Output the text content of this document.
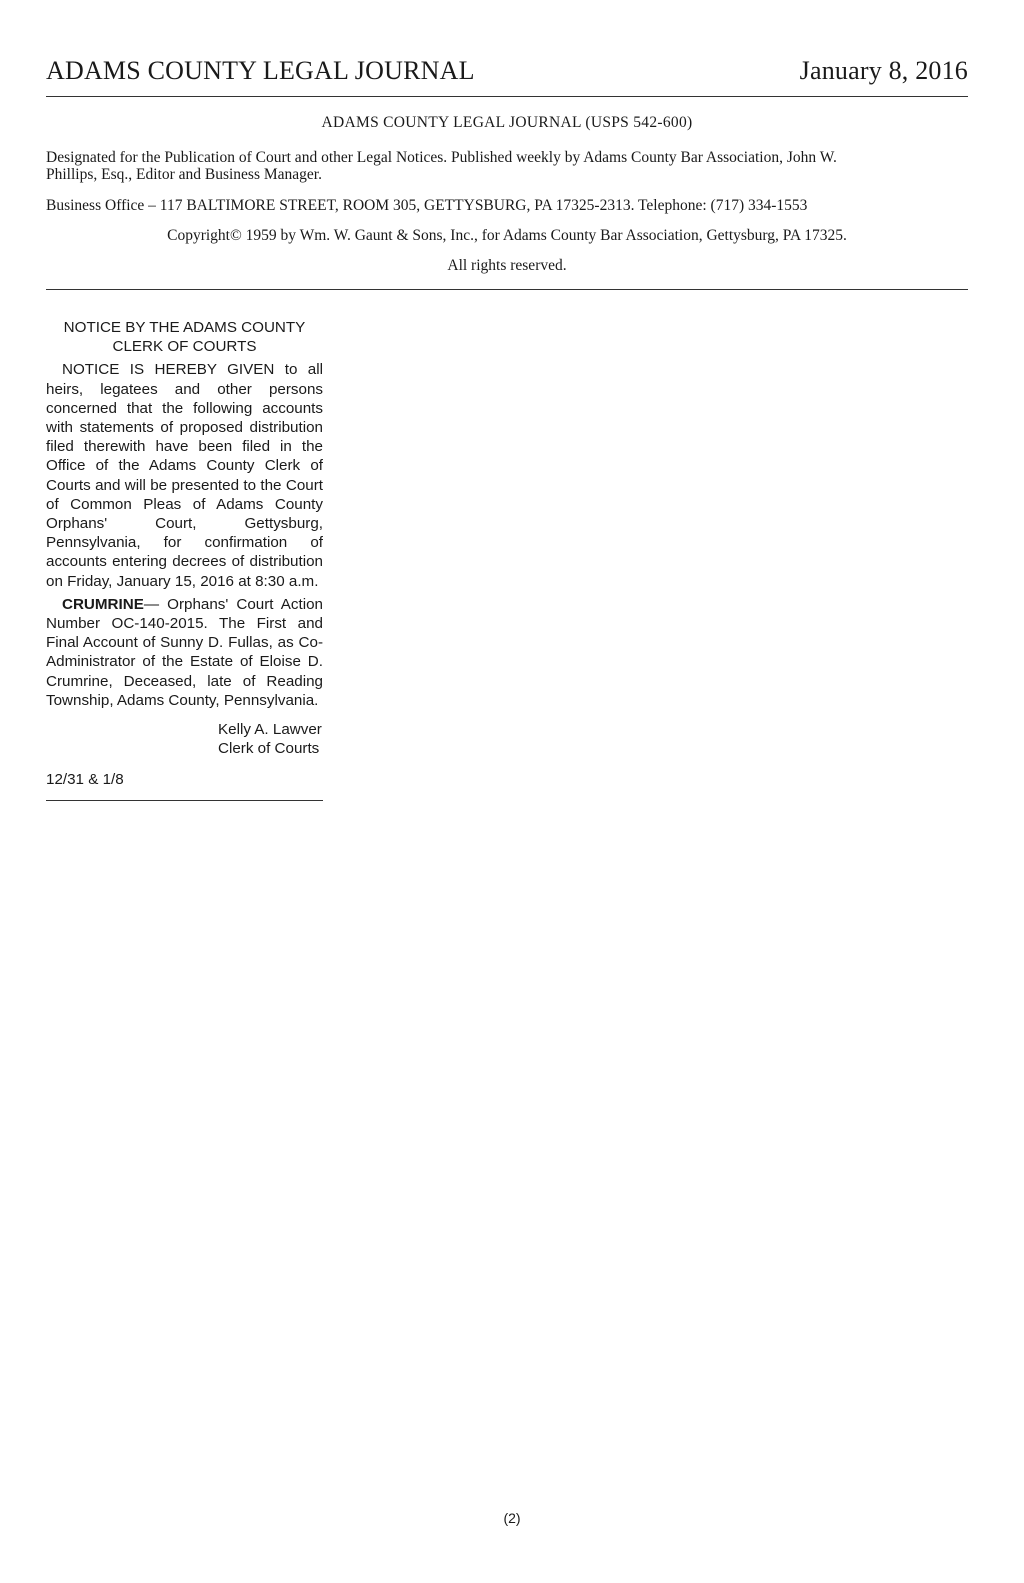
ADAMS COUNTY LEGAL JOURNAL	January 8, 2016

ADAMS COUNTY LEGAL JOURNAL (USPS 542-600)

Designated for the Publication of Court and other Legal Notices. Published weekly by Adams County Bar Association, John W. Phillips, Esq., Editor and Business Manager.

Business Office – 117 BALTIMORE STREET, ROOM 305, GETTYSBURG, PA 17325-2313. Telephone: (717) 334-1553

Copyright© 1959 by Wm. W. Gaunt & Sons, Inc., for Adams County Bar Association, Gettysburg, PA 17325.

All rights reserved.

NOTICE BY THE ADAMS COUNTY
CLERK OF COURTS

NOTICE IS HEREBY GIVEN to all heirs, legatees and other persons concerned that the following accounts with statements of proposed distribution filed therewith have been filed in the Office of the Adams County Clerk of Courts and will be presented to the Court of Common Pleas of Adams County Orphans' Court, Gettysburg, Pennsylvania, for confirmation of accounts entering decrees of distribution on Friday, January 15, 2016 at 8:30 a.m.

CRUMRINE— Orphans' Court Action Number OC-140-2015. The First and Final Account of Sunny D. Fullas, as Co-Administrator of the Estate of Eloise D. Crumrine, Deceased, late of Reading Township, Adams County, Pennsylvania.

Kelly A. Lawver
Clerk of Courts

12/31 & 1/8

(2)
